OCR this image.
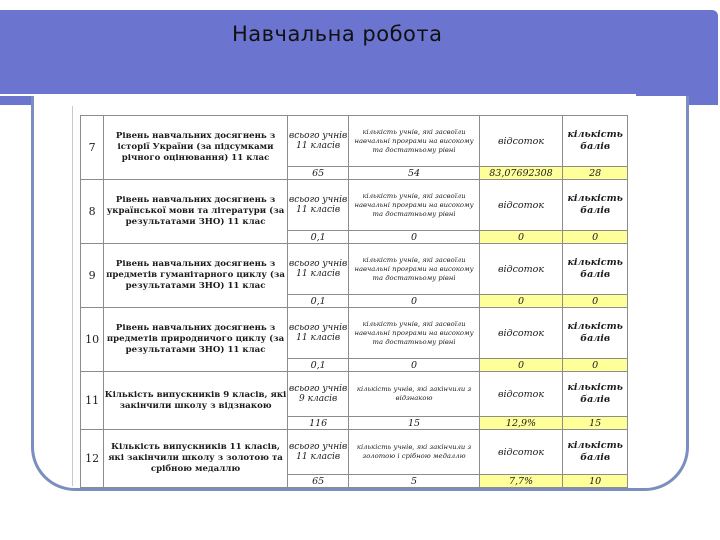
Навчальна робота
7	Рівень навчальних досягнень з історії України (за підсумками річного оцінювання) 11 клас	всього учнів 11 класів	кількість учнів, які засвоїли навчальні програми на високому та достатньому рівні	відсоток	кількість балів
		65	54	83,07692308	28
8	Рівень навчальних досягнень з української мови та літератури (за результатами ЗНО) 11 клас	всього учнів 11 класів	кількість учнів, які засвоїли навчальні програми на високому та достатньому рівні	відсоток	кількість балів
		0,1	0	0	0
9	Рівень навчальних досягнень з предметів гуманітарного циклу (за результатами ЗНО) 11 клас	всього учнів 11 класів	кількість учнів, які засвоїли навчальні програми на високому та достатньому рівні	відсоток	кількість балів
		0,1	0	0	0
10	Рівень навчальних досягнень з предметів природничого циклу (за результатами ЗНО) 11 клас	всього учнів 11 класів	кількість учнів, які засвоїли навчальні програми на високому та достатньому рівні	відсоток	кількість балів
		0,1	0	0	0
11	Кількість випускників 9 класів, які закінчили школу з відзнакою	всього учнів 9 класів	кількість учнів, які закінчили з відзнакою	відсоток	кількість балів
		116	15	12,9%	15
12	Кількість випускників 11 класів, які закінчили школу з золотою та срібною медаллю	всього учнів 11 класів	кількість учнів, які закінчили з золотою і срібною медаллю	відсоток	кількість балів
		65	5	7,7%	10
